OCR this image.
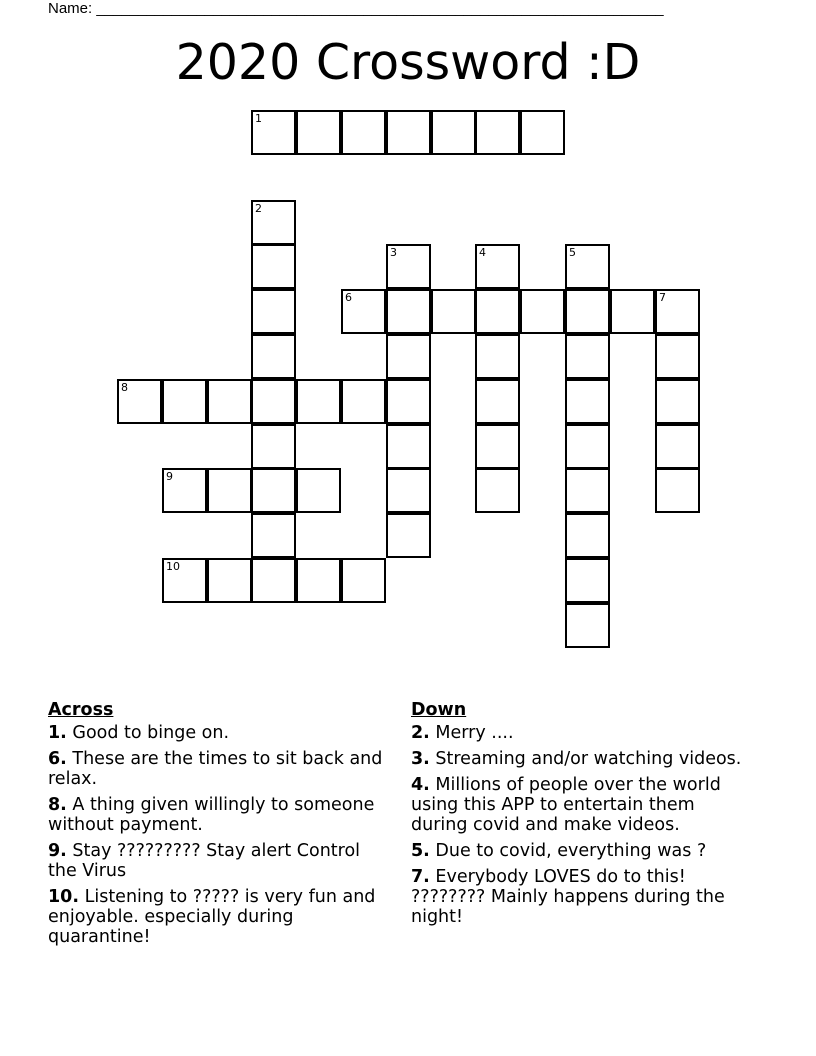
Name: ____________________________________________________________________
2020 Crossword :D
1
2
3	4	5
6	7
8
9
10
Across
1. Good to binge on.
6. These are the times to sit back and relax.
8. A thing given willingly to someone without payment.
9. Stay ????????? Stay alert Control the Virus
10. Listening to ????? is very fun and enjoyable. especially during quarantine!
Down
2. Merry ....
3. Streaming and/or watching videos.
4. Millions of people over the world using this APP to entertain them during covid and make videos.
5. Due to covid, everything was ?
7. Everybody LOVES do to this! ???????? Mainly happens during the night!
